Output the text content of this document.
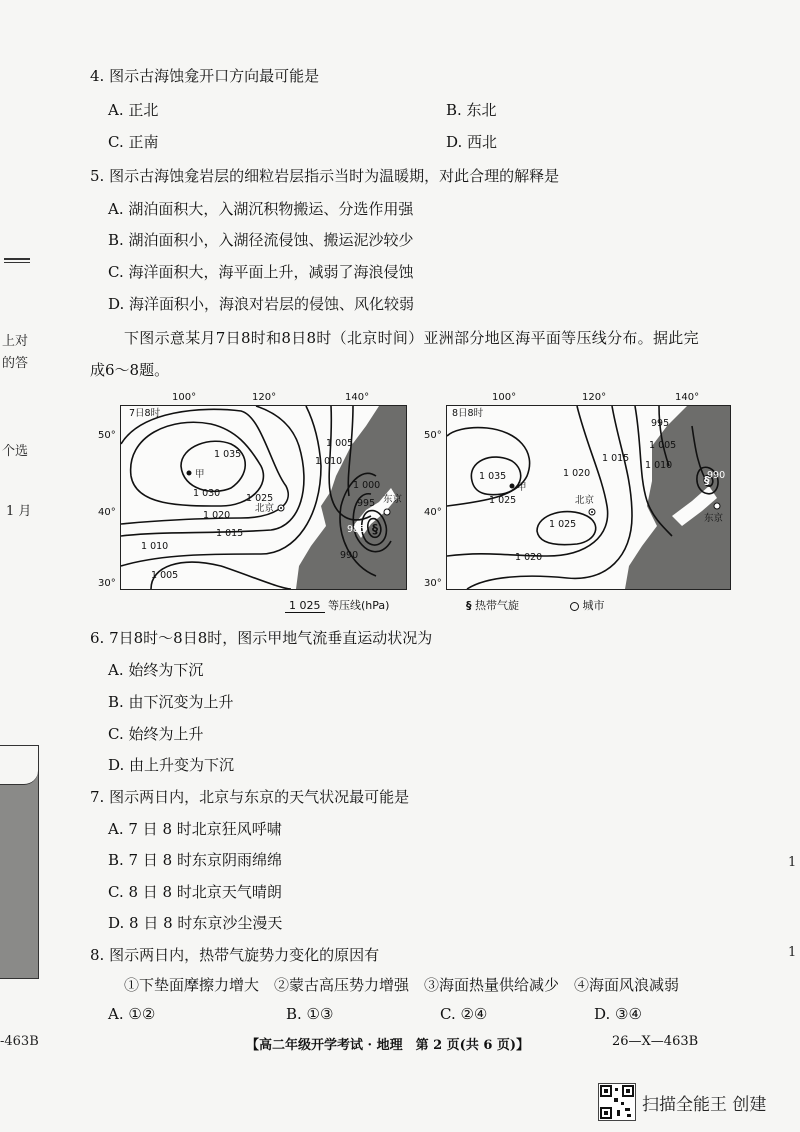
上对
的答
个选
1 月
-463B
1
1
4. 图示古海蚀龛开口方向最可能是
A. 正北	B. 东北
C. 正南	D. 西北
5. 图示古海蚀龛岩层的细粒岩层指示当时为温暖期，对此合理的解释是
A. 湖泊面积大，入湖沉积物搬运、分选作用强
B. 湖泊面积小，入湖径流侵蚀、搬运泥沙较少
C. 海洋面积大，海平面上升，减弱了海浪侵蚀
D. 海洋面积小，海浪对岩层的侵蚀、风化较弱
下图示意某月7日8时和8日8时（北京时间）亚洲部分地区海平面等压线分布。据此完
成6～8题。
100°	120°	140°
50°
40°
30°
§
7日8时
1 035
1 030	1 025
1 020
1 015
1 010
1 005
1 005
1 010
1 000
995
985
990
甲
北京
东京
100°	120°	140°
50°
40°
30°
§
8日8时
1 035
1 025
1 020
1 025
1 020
1 015
1 010
995
1 005
990
甲
北京
东京
1 025 等压线(hPa)	§ 热带气旋	城市
6. 7日8时～8日8时，图示甲地气流垂直运动状况为
A. 始终为下沉
B. 由下沉变为上升
C. 始终为上升
D. 由上升变为下沉
7. 图示两日内，北京与东京的天气状况最可能是
A. 7 日 8 时北京狂风呼啸
B. 7 日 8 时东京阴雨绵绵
C. 8 日 8 时北京天气晴朗
D. 8 日 8 时东京沙尘漫天
8. 图示两日内，热带气旋势力变化的原因有
①下垫面摩擦力增大　②蒙古高压势力增强　③海面热量供给减少　④海面风浪减弱
A. ①②	B. ①③	C. ②④	D. ③④
【高二年级开学考试 · 地理　第 2 页(共 6 页)】	26—X—463B
扫描全能王 创建
